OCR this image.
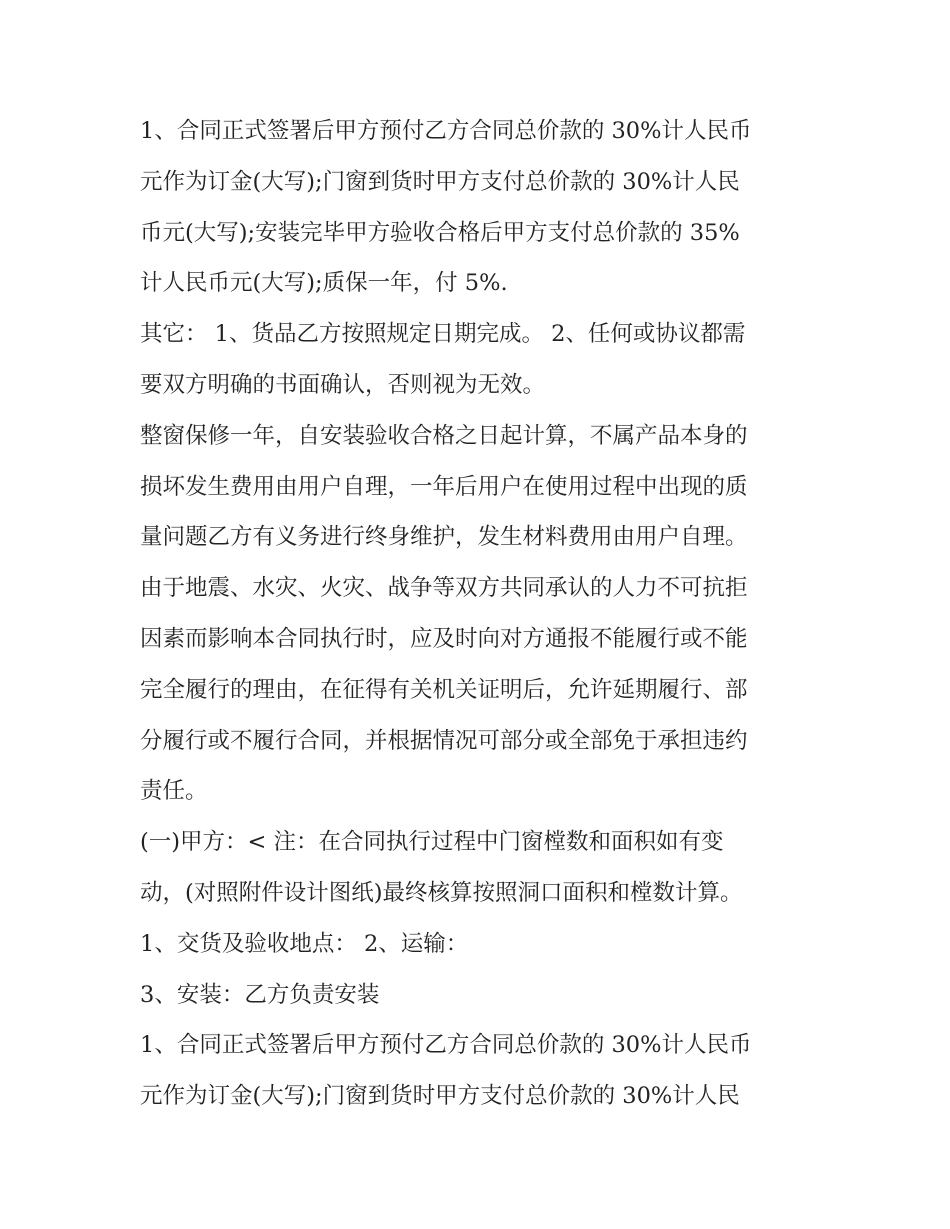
1、合同正式签署后甲方预付乙方合同总价款的 30%计人民币
元作为订金(大写);门窗到货时甲方支付总价款的 30%计人民
币元(大写);安装完毕甲方验收合格后甲方支付总价款的 35%
计人民币元(大写);质保一年，付 5%.
其它： 1、货品乙方按照规定日期完成。 2、任何或协议都需
要双方明确的书面确认，否则视为无效。
整窗保修一年，自安装验收合格之日起计算，不属产品本身的
损坏发生费用由用户自理，一年后用户在使用过程中出现的质
量问题乙方有义务进行终身维护，发生材料费用由用户自理。
由于地震、水灾、火灾、战争等双方共同承认的人力不可抗拒
因素而影响本合同执行时，应及时向对方通报不能履行或不能
完全履行的理由，在征得有关机关证明后，允许延期履行、部
分履行或不履行合同，并根据情况可部分或全部免于承担违约
责任。
(一)甲方：< 注：在合同执行过程中门窗樘数和面积如有变
动，(对照附件设计图纸)最终核算按照洞口面积和樘数计算。
1、交货及验收地点： 2、运输：
3、安装：乙方负责安装
1、合同正式签署后甲方预付乙方合同总价款的 30%计人民币
元作为订金(大写);门窗到货时甲方支付总价款的 30%计人民
